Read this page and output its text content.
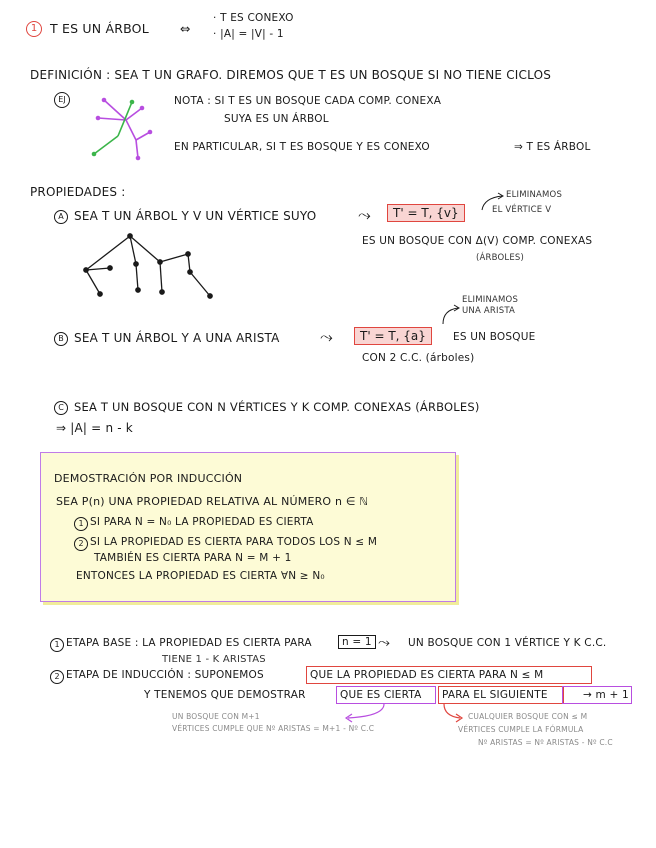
1	T ES UN ÁRBOL ⇔
· T ES CONEXO
· |A| = |V| - 1
DEFINICIÓN : SEA T UN GRAFO. DIREMOS QUE T ES UN BOSQUE SI NO TIENE CICLOS
EJ	NOTA : SI T ES UN BOSQUE CADA COMP. CONEXA
SUYA ES UN ÁRBOL
EN PARTICULAR, SI T ES BOSQUE Y ES CONEXO	⇒ T ES ÁRBOL
PROPIEDADES :
A SEA T UN ÁRBOL Y V UN VÉRTICE SUYO	⤳	T' = T, {v}
ELIMINAMOS
EL VÉRTICE V
ES UN BOSQUE CON Δ(V) COMP. CONEXAS
(ÁRBOLES)
ELIMINAMOS
UNA ARISTA
B SEA T UN ÁRBOL Y A UNA ARISTA	⤳	T' = T, {a}	ES UN BOSQUE
CON 2 C.C. (árboles)
C SEA T UN BOSQUE CON N VÉRTICES Y K COMP. CONEXAS (ÁRBOLES)
⇒ |A| = n - k
DEMOSTRACIÓN POR INDUCCIÓN
SEA P(n) UNA PROPIEDAD RELATIVA AL NÚMERO n ∈ ℕ
1 SI PARA N = N₀ LA PROPIEDAD ES CIERTA
2 SI LA PROPIEDAD ES CIERTA PARA TODOS LOS N ≤ M
TAMBIÉN ES CIERTA PARA N = M + 1
ENTONCES LA PROPIEDAD ES CIERTA ∀N ≥ N₀
1 ETAPA BASE : LA PROPIEDAD ES CIERTA PARA	n = 1 ⤳ UN BOSQUE CON 1 VÉRTICE Y K C.C.
TIENE 1 - K ARISTAS
2 ETAPA DE INDUCCIÓN : SUPONEMOS	QUE LA PROPIEDAD ES CIERTA PARA N ≤ M
Y TENEMOS QUE DEMOSTRAR	QUE ES CIERTA PARA EL SIGUIENTE	→ m + 1
UN BOSQUE CON M+1
VÉRTICES CUMPLE QUE Nº ARISTAS = M+1 - Nº C.C
CUALQUIER BOSQUE CON ≤ M
VÉRTICES CUMPLE LA FÓRMULA
Nº ARISTAS = Nº ARISTAS - Nº C.C
